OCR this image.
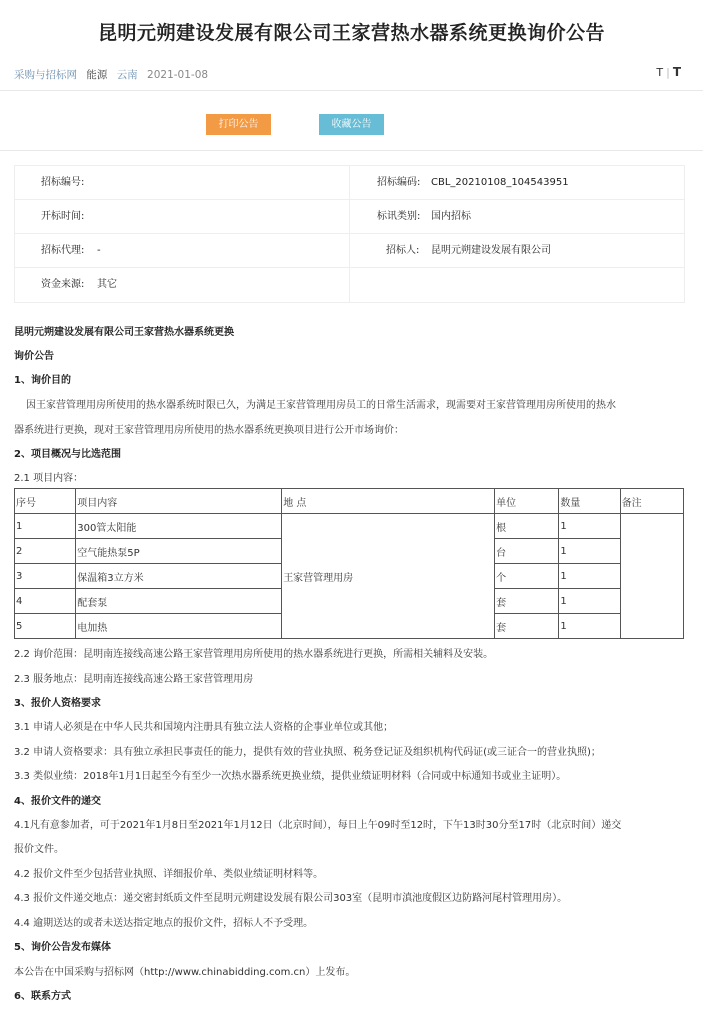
昆明元朔建设发展有限公司王家营热水器系统更换询价公告
采购与招标网 能源 云南 2021-01-08	T | T
打印公告	收藏公告
招标编号:	招标编码: CBL_20210108_104543951
开标时间:	标讯类别: 国内招标
招标代理: -	招标人: 昆明元朔建设发展有限公司
资金来源: 其它
昆明元朔建设发展有限公司王家营热水器系统更换
询价公告
1、询价目的
因王家营管理用房所使用的热水器系统时限已久，为满足王家营管理用房员工的日常生活需求，现需要对王家营管理用房所使用的热水
器系统进行更换，现对王家营管理用房所使用的热水器系统更换项目进行公开市场询价：
2、项目概况与比选范围
2.1 项目内容：
序号	项目内容	地 点	单位	数量	备注
1	300管太阳能	王家营管理用房	根	1	
2	空气能热泵5P		台	1	
3	保温箱3立方米		个	1	
4	配套泵		套	1	
5	电加热		套	1	
2.2 询价范围：昆明南连接线高速公路王家营管理用房所使用的热水器系统进行更换，所需相关辅料及安装。
2.3 服务地点：昆明南连接线高速公路王家营管理用房
3、报价人资格要求
3.1 申请人必须是在中华人民共和国境内注册具有独立法人资格的企事业单位或其他；
3.2 申请人资格要求：具有独立承担民事责任的能力，提供有效的营业执照、税务登记证及组织机构代码证(或三证合一的营业执照)；
3.3 类似业绩：2018年1月1日起至今有至少一次热水器系统更换业绩，提供业绩证明材料（合同或中标通知书或业主证明）。
4、报价文件的递交
4.1凡有意参加者，可于2021年1月8日至2021年1月12日（北京时间），每日上午09时至12时，下午13时30分至17时（北京时间）递交
报价文件。
4.2 报价文件至少包括营业执照、详细报价单、类似业绩证明材料等。
4.3 报价文件递交地点：递交密封纸质文件至昆明元朔建设发展有限公司303室（昆明市滇池度假区边防路河尾村管理用房）。
4.4 逾期送达的或者未送达指定地点的报价文件，招标人不予受理。
5、询价公告发布媒体
本公告在中国采购与招标网（http://www.chinabidding.com.cn）上发布。
6、联系方式
